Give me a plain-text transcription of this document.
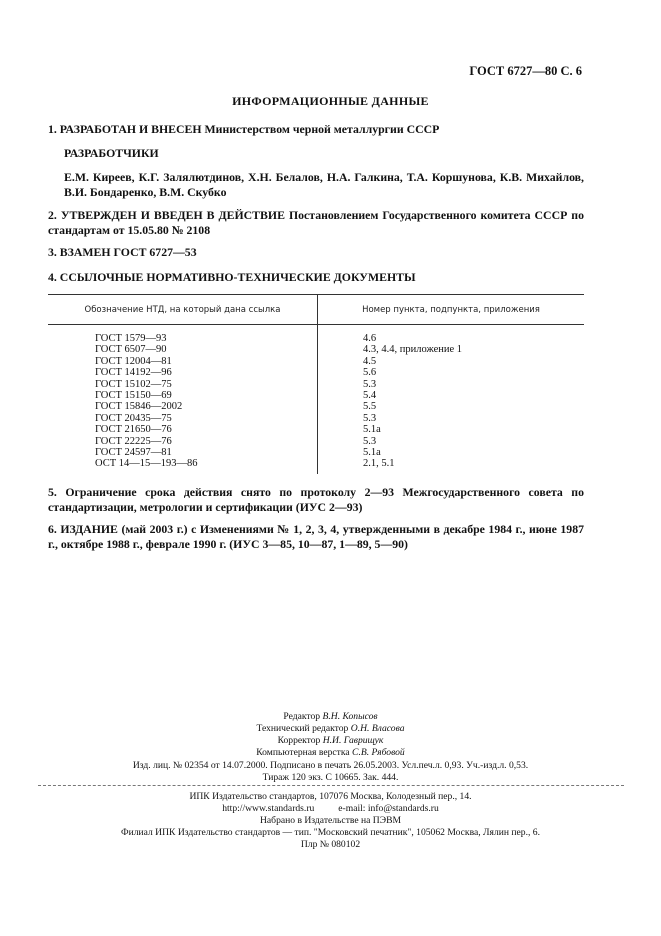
ГОСТ 6727—80 С. 6
ИНФОРМАЦИОННЫЕ ДАННЫЕ
1. РАЗРАБОТАН И ВНЕСЕН Министерством черной металлургии СССР
РАЗРАБОТЧИКИ
Е.М. Киреев, К.Г. Залялютдинов, Х.Н. Белалов, Н.А. Галкина, Т.А. Коршунова, К.В. Михайлов, В.И. Бондаренко, В.М. Скубко
2. УТВЕРЖДЕН И ВВЕДЕН В ДЕЙСТВИЕ Постановлением Государственного комитета СССР по стандартам от 15.05.80 № 2108
3. ВЗАМЕН ГОСТ 6727—53
4. ССЫЛОЧНЫЕ НОРМАТИВНО-ТЕХНИЧЕСКИЕ ДОКУМЕНТЫ
Обозначение НТД, на который дана ссылка	Номер пункта, подпункта, приложения
ГОСТ 1579—93
ГОСТ 6507—90
ГОСТ 12004—81
ГОСТ 14192—96
ГОСТ 15102—75
ГОСТ 15150—69
ГОСТ 15846—2002
ГОСТ 20435—75
ГОСТ 21650—76
ГОСТ 22225—76
ГОСТ 24597—81
ОСТ 14—15—193—86
4.6
4.3, 4.4, приложение 1
4.5
5.6
5.3
5.4
5.5
5.3
5.1а
5.3
5.1а
2.1, 5.1
5. Ограничение срока действия снято по протоколу 2—93 Межгосударственного совета по стандартизации, метрологии и сертификации (ИУС 2—93)
6. ИЗДАНИЕ (май 2003 г.) с Изменениями № 1, 2, 3, 4, утвержденными в декабре 1984 г., июне 1987 г., октябре 1988 г., феврале 1990 г. (ИУС 3—85, 10—87, 1—89, 5—90)
Редактор В.Н. Копысов
Технический редактор О.Н. Власова
Корректор Н.И. Гаврищук
Компьютерная верстка С.В. Рябовой
Изд. лиц. № 02354 от 14.07.2000. Подписано в печать 26.05.2003. Усл.печ.л. 0,93. Уч.-изд.л. 0,53.
Тираж 120 экз. С 10665. Зак. 444.
ИПК Издательство стандартов, 107076 Москва, Колодезный пер., 14.
http://www.standards.ru          e-mail: info@standards.ru
Набрано в Издательстве на ПЭВМ
Филиал ИПК Издательство стандартов — тип. "Московский печатник", 105062 Москва, Лялин пер., 6.
Плр № 080102
